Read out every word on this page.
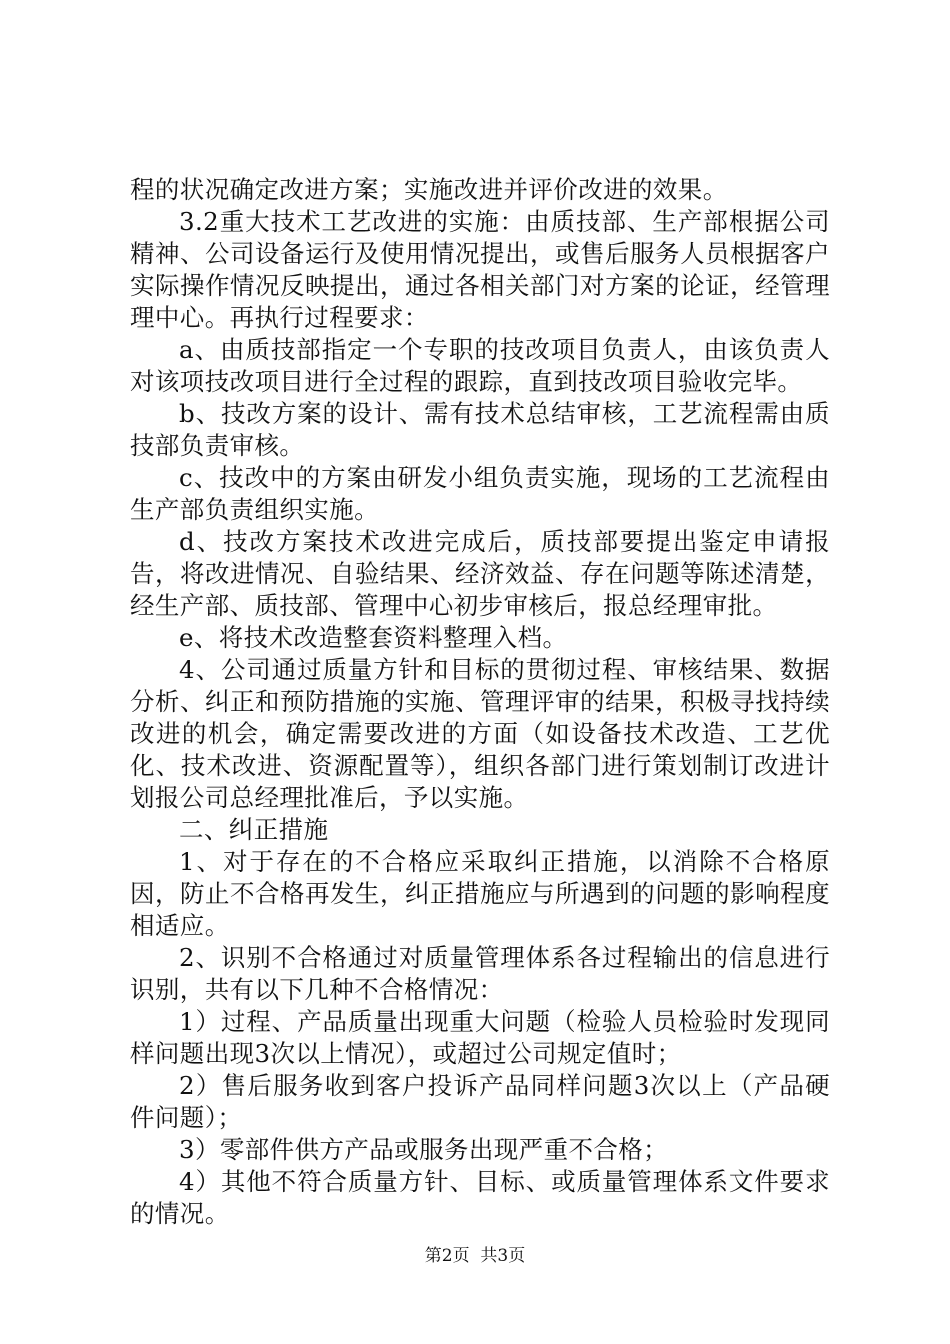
程的状况确定改进方案；实施改进并评价改进的效果。

3.2重大技术工艺改进的实施：由质技部、生产部根据公司精神、公司设备运行及使用情况提出，或售后服务人员根据客户实际操作情况反映提出，通过各相关部门对方案的论证，经管理理中心。再执行过程要求：

a、由质技部指定一个专职的技改项目负责人，由该负责人对该项技改项目进行全过程的跟踪，直到技改项目验收完毕。

b、技改方案的设计、需有技术总结审核，工艺流程需由质技部负责审核。

c、技改中的方案由研发小组负责实施，现场的工艺流程由生产部负责组织实施。

d、技改方案技术改进完成后，质技部要提出鉴定申请报告，将改进情况、自验结果、经济效益、存在问题等陈述清楚，经生产部、质技部、管理中心初步审核后，报总经理审批。

e、将技术改造整套资料整理入档。

4、公司通过质量方针和目标的贯彻过程、审核结果、数据分析、纠正和预防措施的实施、管理评审的结果，积极寻找持续改进的机会，确定需要改进的方面（如设备技术改造、工艺优化、技术改进、资源配置等），组织各部门进行策划制订改进计划报公司总经理批准后，予以实施。

二、纠正措施

1、对于存在的不合格应采取纠正措施，以消除不合格原因，防止不合格再发生，纠正措施应与所遇到的问题的影响程度相适应。

2、识别不合格通过对质量管理体系各过程输出的信息进行识别，共有以下几种不合格情况：

1）过程、产品质量出现重大问题（检验人员检验时发现同样问题出现3次以上情况），或超过公司规定值时；

2）售后服务收到客户投诉产品同样问题3次以上（产品硬件问题）；

3）零部件供方产品或服务出现严重不合格；

4）其他不符合质量方针、目标、或质量管理体系文件要求的情况。

第2页  共3页
